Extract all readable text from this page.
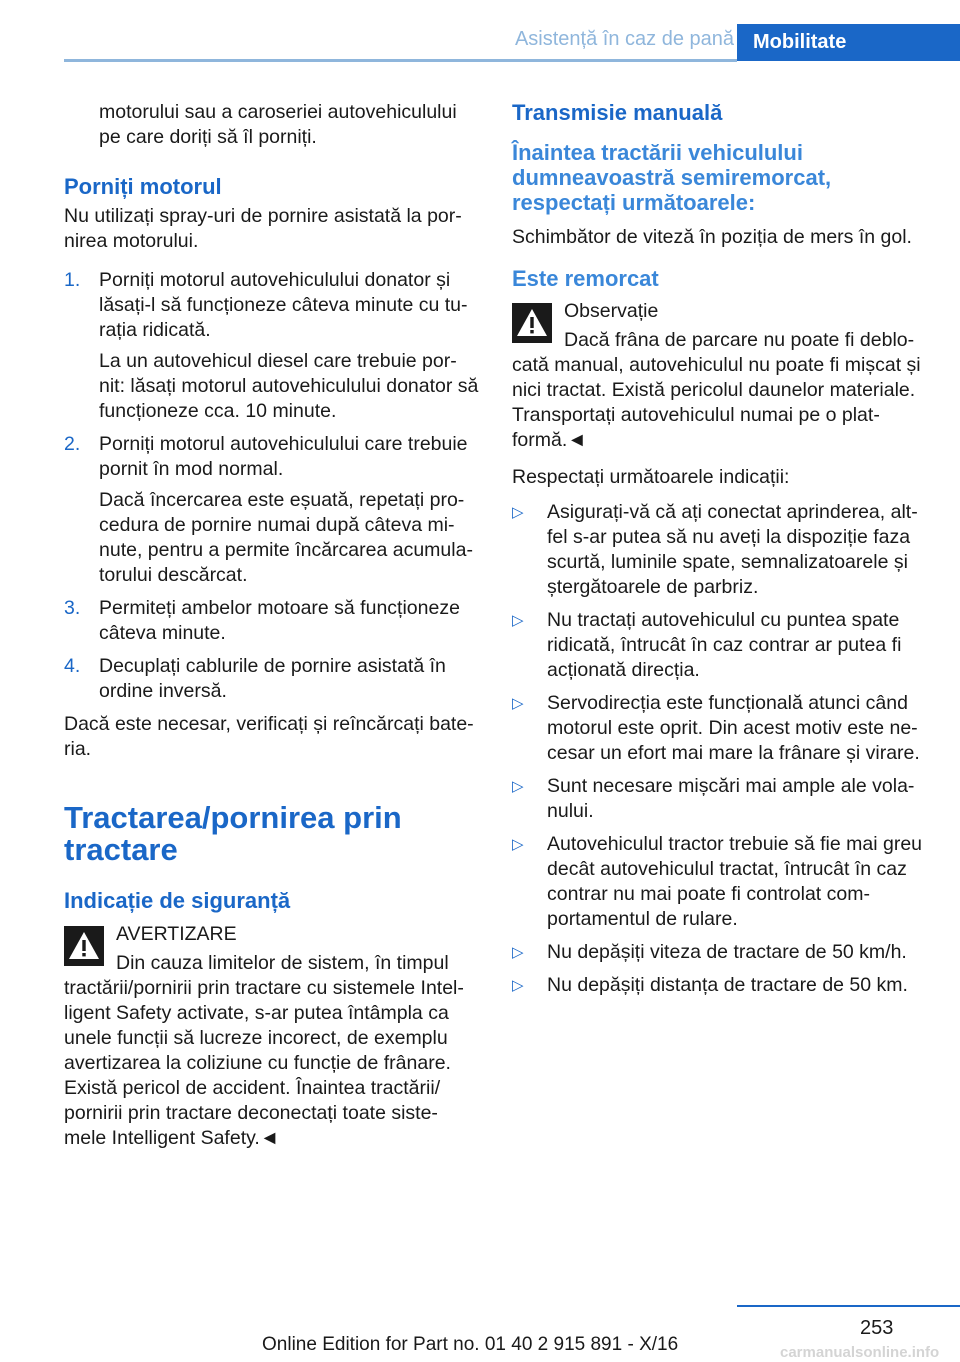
Asistență în caz de pană Mobilitate

motorului sau a caroseriei autovehiculului pe care doriți să îl porniți.

Porniți motorul

Nu utilizați spray-uri de pornire asistată la por- nirea motorului.

1. Porniți motorul autovehiculului donator și lăsați-l să funcționeze câteva minute cu tu- rația ridicată.

La un autovehicul diesel care trebuie por- nit: lăsați motorul autovehiculului donator să funcționeze cca. 10 minute.

2. Porniți motorul autovehiculului care trebuie pornit în mod normal.

Dacă încercarea este eșuată, repetați pro- cedura de pornire numai după câteva mi- nute, pentru a permite încărcarea acumula- torului descărcat.

3. Permiteți ambelor motoare să funcționeze câteva minute.
4. Decuplați cablurile de pornire asistată în ordine inversă.

Dacă este necesar, verificați și reîncărcați bate- ria.

Tractarea/pornirea prin tractare
Indicație de siguranță

AVERTIZARE

Din cauza limitelor de sistem, în timpul tractării/pornirii prin tractare cu sistemele Intel- ligent Safety activate, s-ar putea întâmpla ca unele funcții să lucreze incorect, de exemplu avertizarea la coliziune cu funcție de frânare. Există pericol de accident. Înaintea tractării/ pornirii prin tractare deconectați toate siste- mele Intelligent Safety.◄

Transmisie manuală
Înaintea tractării vehiculului dumneavoastră semiremorcat, respectați următoarele:

Schimbător de viteză în poziția de mers în gol.

Este remorcat

Observație

Dacă frâna de parcare nu poate fi deblo- cată manual, autovehiculul nu poate fi mișcat și nici tractat. Există pericolul daunelor materiale. Transportați autovehiculul numai pe o plat- formă.◄

Respectați următoarele indicații:

▷ Asigurați-vă că ați conectat aprinderea, alt- fel s-ar putea să nu aveți la dispoziție faza scurtă, luminile spate, semnalizatoarele și ștergătoarele de parbriz.
▷ Nu tractați autovehiculul cu puntea spate ridicată, întrucât în caz contrar ar putea fi acționată direcția.
▷ Servodirecția este funcțională atunci când motorul este oprit. Din acest motiv este ne- cesar un efort mai mare la frânare și virare.
▷ Sunt necesare mișcări mai ample ale vola- nului.
▷ Autovehiculul tractor trebuie să fie mai greu decât autovehiculul tractat, întrucât în caz contrar nu mai poate fi controlat com- portamentul de rulare.
▷ Nu depășiți viteza de tractare de 50 km/h.
▷ Nu depășiți distanța de tractare de 50 km.
253
Online Edition for Part no. 01 40 2 915 891 - X/16	carmanualsonline.info
